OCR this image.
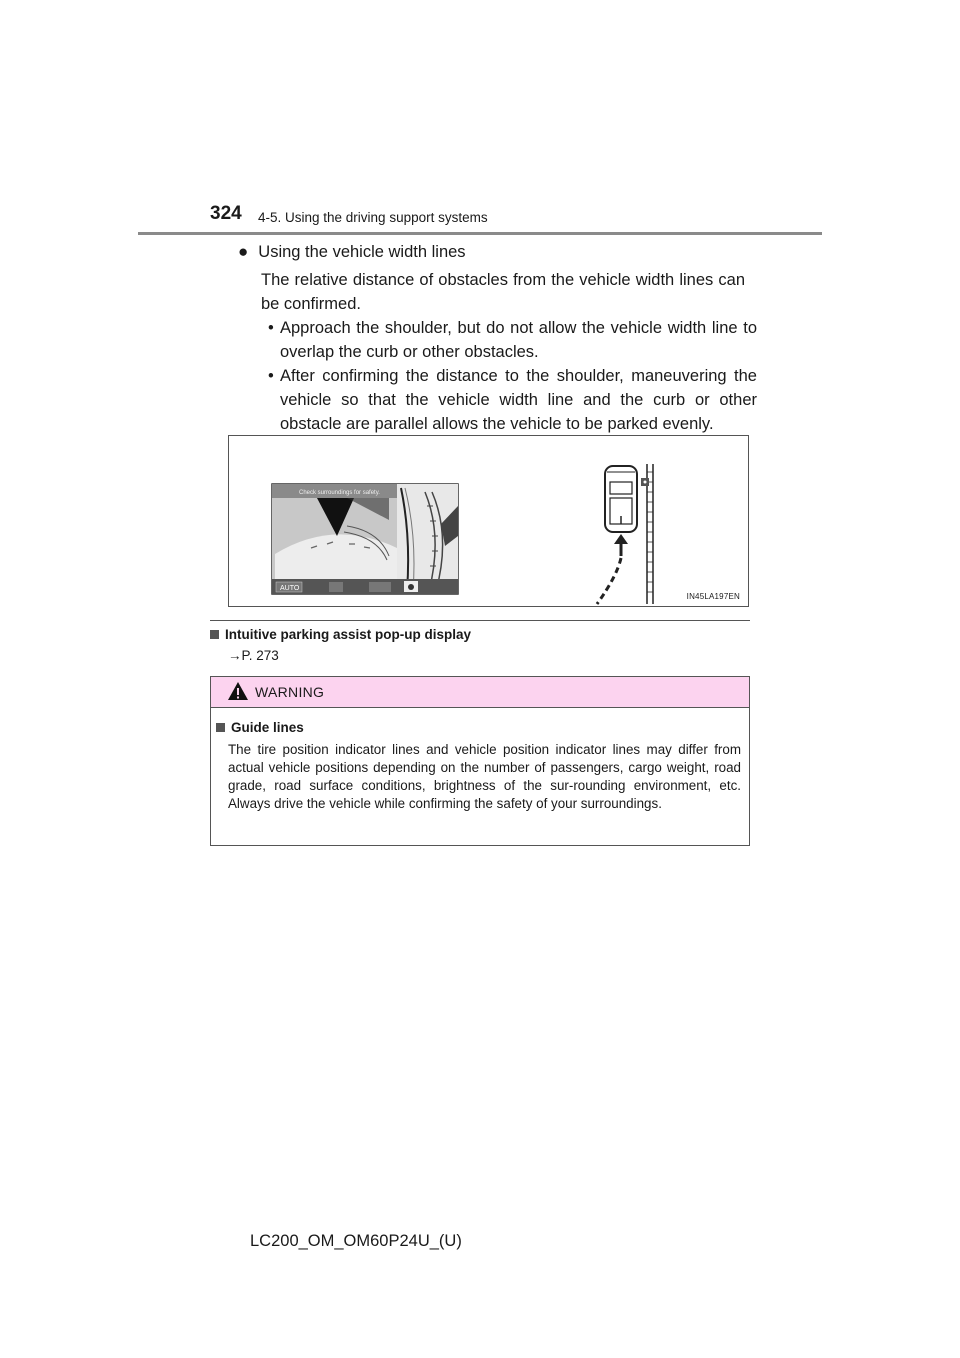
324 4-5. Using the driving support systems
● Using the vehicle width lines
The relative distance of obstacles from the vehicle width lines can be confirmed.
• Approach the shoulder, but do not allow the vehicle width line to overlap the curb or other obstacles.
• After confirming the distance to the shoulder, maneuvering the vehicle so that the vehicle width line and the curb or other obstacle are parallel allows the vehicle to be parked evenly.
Check surroundings for safety.
AUTO
IN45LA197EN
Intuitive parking assist pop-up display
→P. 273
WARNING
Guide lines
The tire position indicator lines and vehicle position indicator lines may differ from actual vehicle positions depending on the number of passengers, cargo weight, road grade, road surface conditions, brightness of the sur-rounding environment, etc. Always drive the vehicle while confirming the safety of your surroundings.
LC200_OM_OM60P24U_(U)
